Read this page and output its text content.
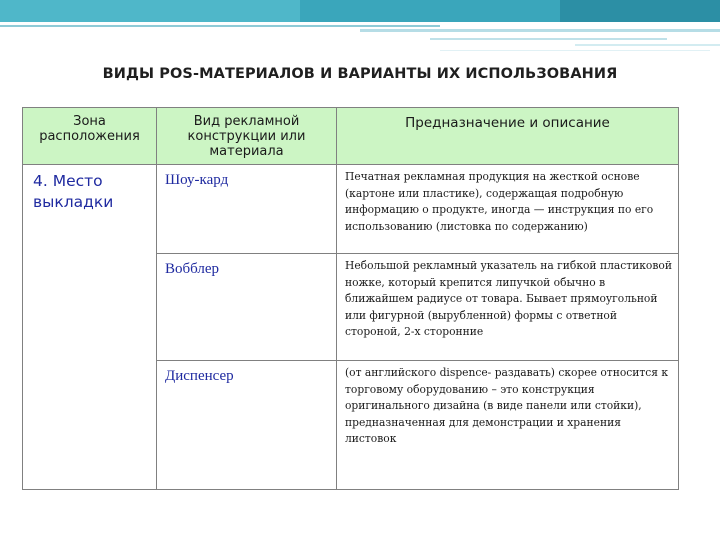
ВИДЫ POS-МАТЕРИАЛОВ И ВАРИАНТЫ ИХ ИСПОЛЬЗОВАНИЯ
Зона расположения	Вид рекламной конструкции или материала	Предназначение и описание
4. Место выкладки	Шоу-кард	Печатная рекламная продукция на жесткой основе (картоне или пластике), содержащая подробную информацию о продукте, иногда — инструкция по его использованию (листовка по содержанию)
	Вобблер	Небольшой рекламный указатель на гибкой пластиковой ножке, который крепится липучкой обычно в ближайшем радиусе от товара. Бывает прямоугольной или фигурной (вырубленной) формы с ответной стороной, 2-х сторонние
	Диспенсер	(от английского dispence- раздавать) скорее относится к торговому оборудованию – это конструкция оригинального дизайна (в виде панели или стойки), предназначенная для демонстрации и хранения листовок
